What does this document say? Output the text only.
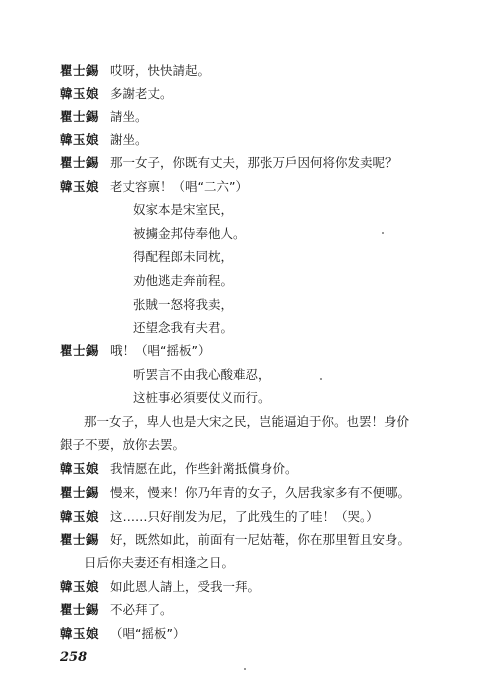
瞿士錫 哎呀，快快請起。
韓玉娘 多謝老丈。
瞿士錫 請坐。
韓玉娘 謝坐。
瞿士錫 那一女子，你既有丈夫，那张万戶因何将你发卖呢？
韓玉娘 老丈容禀！（唱“二六”）
奴家本是宋室民，
被擄金邦侍奉他人。
得配程郎未同枕，
劝他逃走奔前程。
张賊一怒将我卖，
还望念我有夫君。
瞿士錫 哦！（唱“摇板”）
听罢言不由我心酸难忍，
这桩事必須要仗义而行。
那一女子，卑人也是大宋之民，岂能逼迫于你。也罢！身价
銀子不要，放你去罢。
韓玉娘 我情愿在此，作些針黹抵償身价。
瞿士錫 慢来，慢来！你乃年青的女子，久居我家多有不便哪。
韓玉娘 这……只好削发为尼，了此残生的了哇！（哭。）
瞿士錫 好，既然如此，前面有一尼姑菴，你在那里暂且安身。
日后你夫妻还有相逢之日。
韓玉娘 如此恩人請上，受我一拜。
瞿士錫 不必拜了。
韓玉娘 （唱“摇板”）
258
